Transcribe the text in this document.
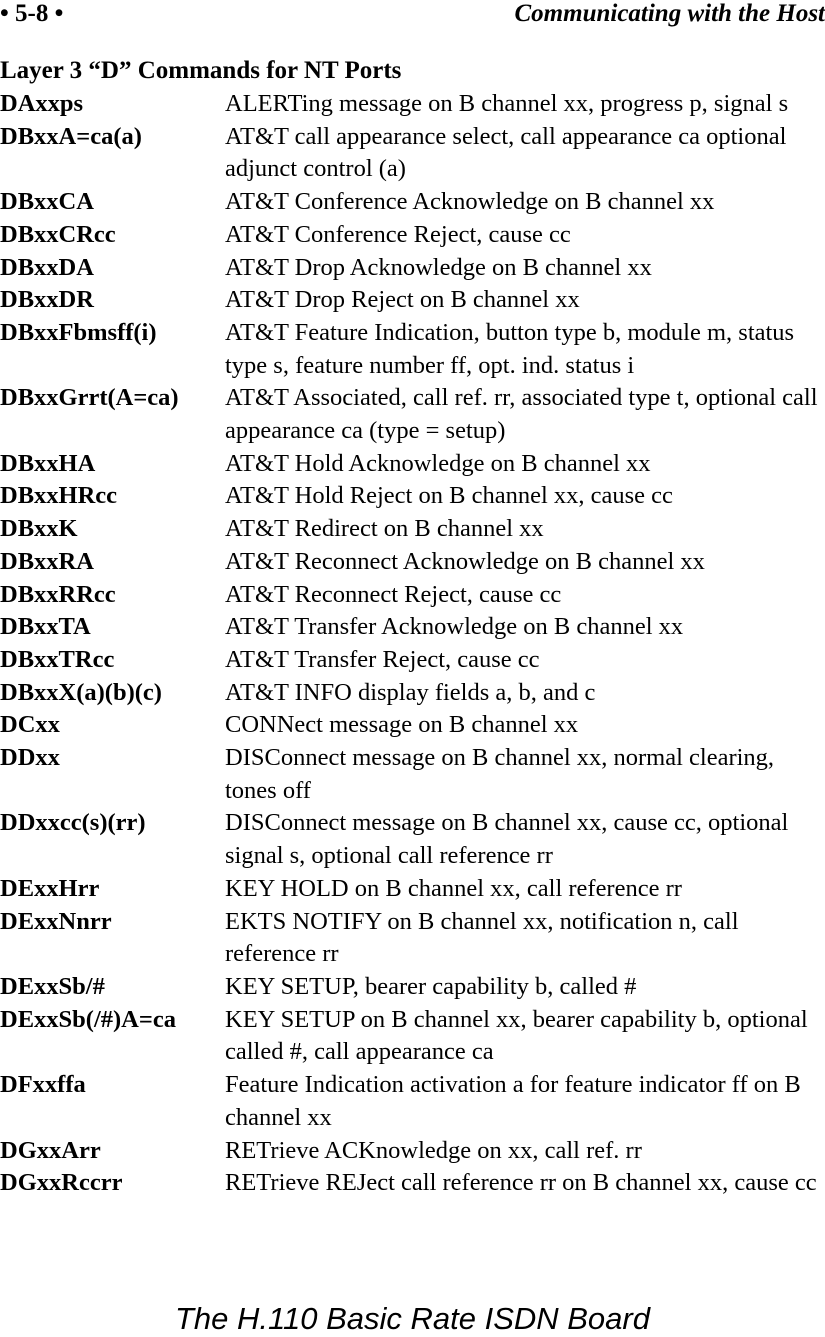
• 5-8 •	Communicating with the Host
Layer 3 “D” Commands for NT Ports
DAxxps	ALERTing message on B channel xx, progress p, signal s
DBxxA=ca(a)	AT&T call appearance select, call appearance ca optional adjunct control (a)
DBxxCA	AT&T Conference Acknowledge on B channel xx
DBxxCRcc	AT&T Conference Reject, cause cc
DBxxDA	AT&T Drop Acknowledge on B channel xx
DBxxDR	AT&T Drop Reject on B channel xx
DBxxFbmsff(i)	AT&T Feature Indication, button type b, module m, status type s, feature number ff, opt. ind. status i
DBxxGrrt(A=ca)	AT&T Associated, call ref. rr, associated type t, optional call appearance ca (type = setup)
DBxxHA	AT&T Hold Acknowledge on B channel xx
DBxxHRcc	AT&T Hold Reject on B channel xx, cause cc
DBxxK	AT&T Redirect on B channel xx
DBxxRA	AT&T Reconnect Acknowledge on B channel xx
DBxxRRcc	AT&T Reconnect Reject, cause cc
DBxxTA	AT&T Transfer Acknowledge on B channel xx
DBxxTRcc	AT&T Transfer Reject, cause cc
DBxxX(a)(b)(c)	AT&T INFO display fields a, b, and c
DCxx	CONNect message on B channel xx
DDxx	DISConnect message on B channel xx, normal clearing, tones off
DDxxcc(s)(rr)	DISConnect message on B channel xx, cause cc, optional signal s, optional call reference rr
DExxHrr	KEY HOLD on B channel xx, call reference rr
DExxNnrr	EKTS NOTIFY on B channel xx, notification n, call reference rr
DExxSb/#	KEY SETUP, bearer capability b, called #
DExxSb(/#)A=ca	KEY SETUP on B channel xx, bearer capability b, optional called #, call appearance ca
DFxxffa	Feature Indication activation a for feature indicator ff on B channel xx
DGxxArr	RETrieve ACKnowledge on xx, call ref. rr
DGxxRccrr	RETrieve REJect call reference rr on B channel xx, cause cc
The H.110 Basic Rate ISDN Board
